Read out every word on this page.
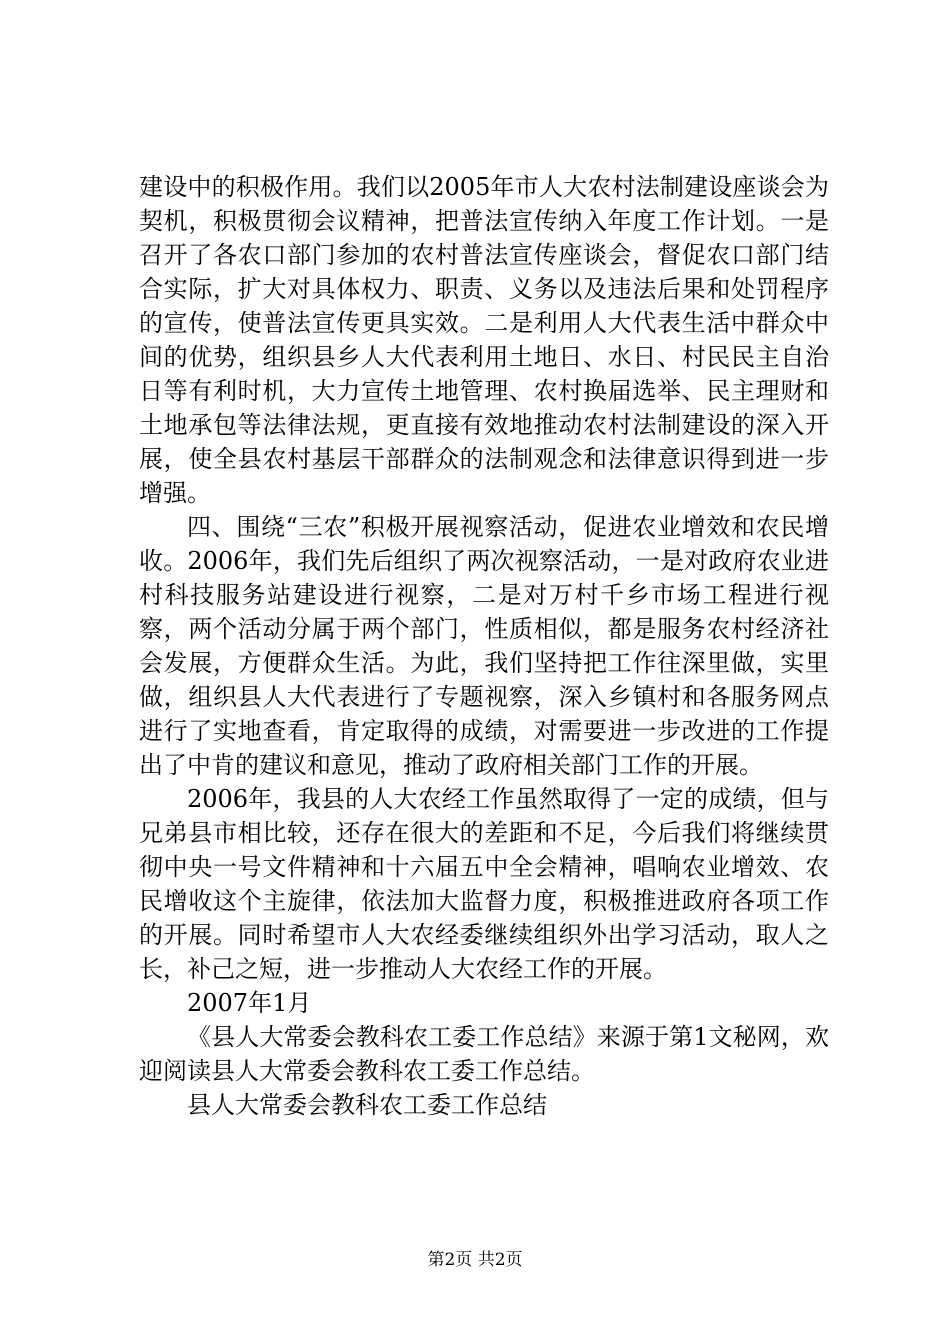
建设中的积极作用。我们以2005年市人大农村法制建设座谈会为契机，积极贯彻会议精神，把普法宣传纳入年度工作计划。一是召开了各农口部门参加的农村普法宣传座谈会，督促农口部门结合实际，扩大对具体权力、职责、义务以及违法后果和处罚程序的宣传，使普法宣传更具实效。二是利用人大代表生活中群众中间的优势，组织县乡人大代表利用土地日、水日、村民民主自治日等有利时机，大力宣传土地管理、农村换届选举、民主理财和土地承包等法律法规，更直接有效地推动农村法制建设的深入开展，使全县农村基层干部群众的法制观念和法律意识得到进一步增强。

四、围绕“三农”积极开展视察活动，促进农业增效和农民增收。2006年，我们先后组织了两次视察活动，一是对政府农业进村科技服务站建设进行视察，二是对万村千乡市场工程进行视察，两个活动分属于两个部门，性质相似，都是服务农村经济社会发展，方便群众生活。为此，我们坚持把工作往深里做，实里做，组织县人大代表进行了专题视察，深入乡镇村和各服务网点进行了实地查看，肯定取得的成绩，对需要进一步改进的工作提出了中肯的建议和意见，推动了政府相关部门工作的开展。

2006年，我县的人大农经工作虽然取得了一定的成绩，但与兄弟县市相比较，还存在很大的差距和不足，今后我们将继续贯彻中央一号文件精神和十六届五中全会精神，唱响农业增效、农民增收这个主旋律，依法加大监督力度，积极推进政府各项工作的开展。同时希望市人大农经委继续组织外出学习活动，取人之长，补己之短，进一步推动人大农经工作的开展。

2007年1月

《县人大常委会教科农工委工作总结》来源于第1文秘网，欢迎阅读县人大常委会教科农工委工作总结。

县人大常委会教科农工委工作总结

第2页 共2页
